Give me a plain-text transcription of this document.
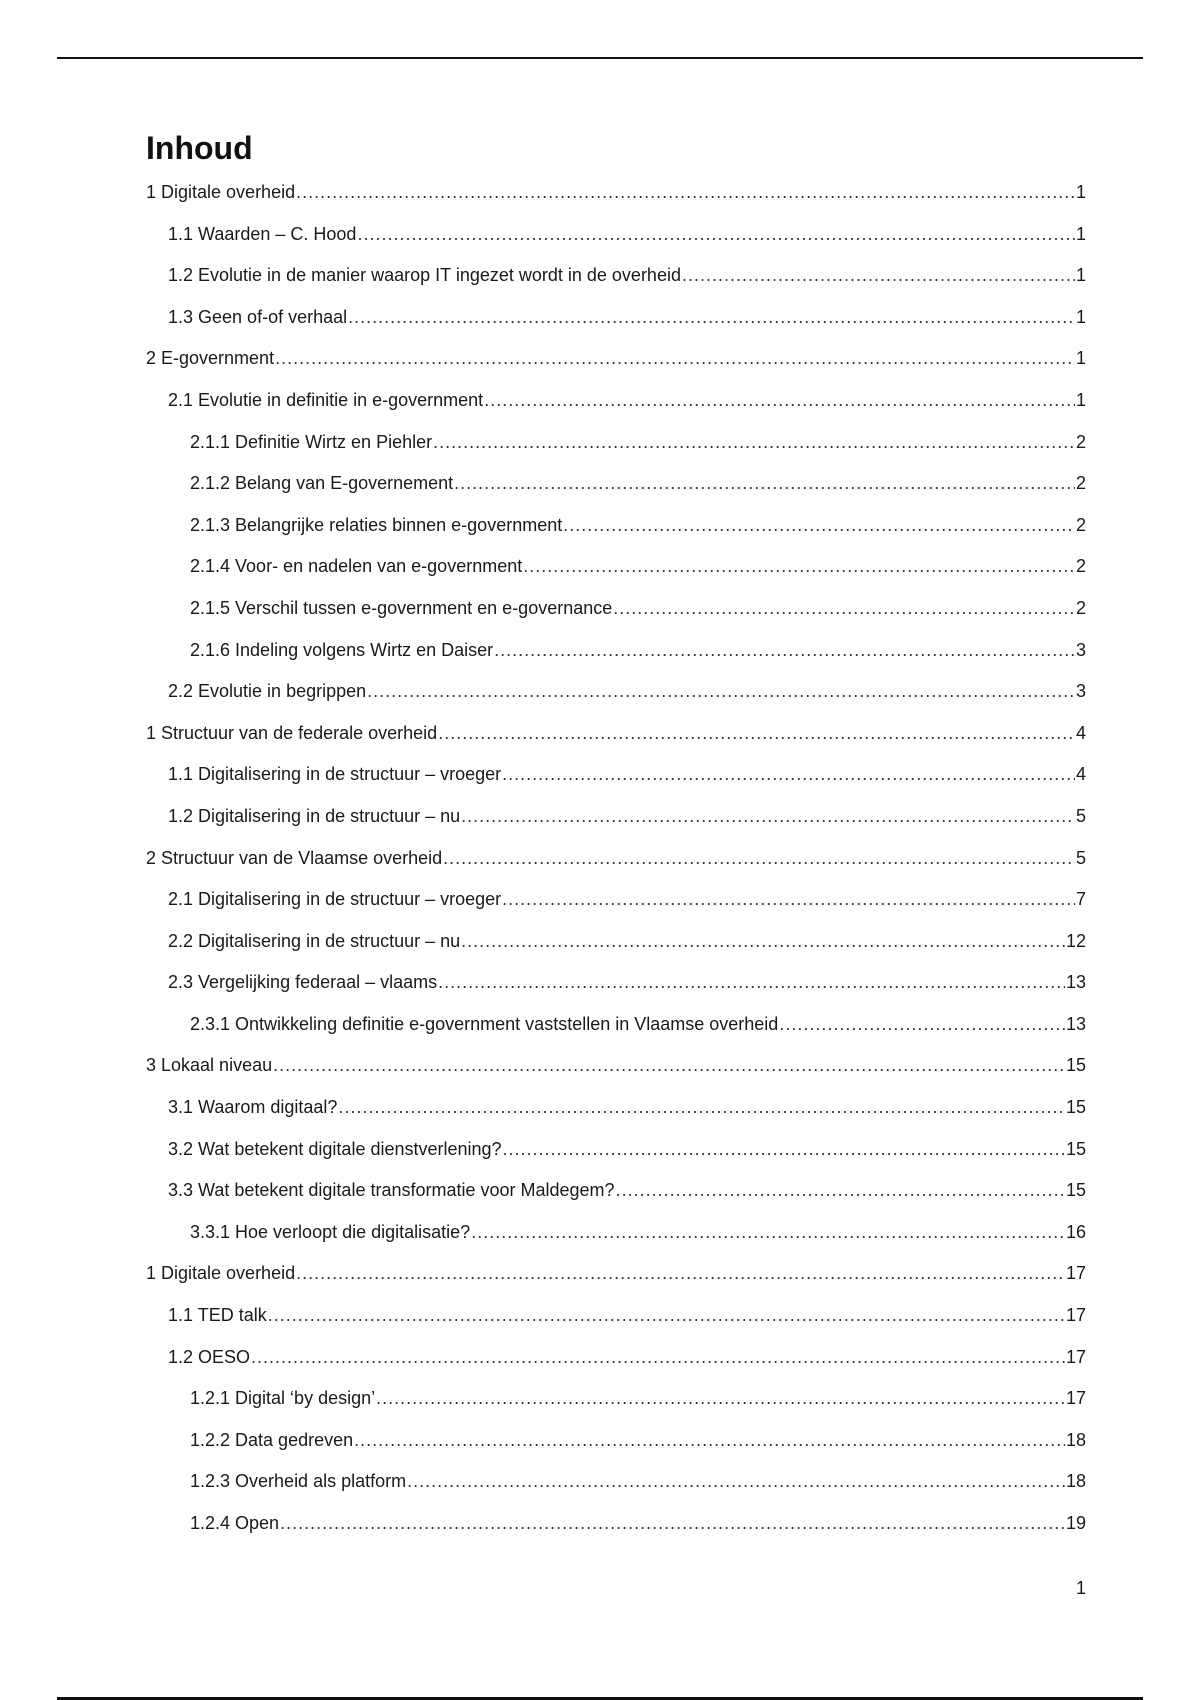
Inhoud
1 Digitale overheid .....	1
1.1 Waarden – C. Hood .....	1
1.2 Evolutie in de manier waarop IT ingezet wordt in de overheid .....	1
1.3 Geen of-of verhaal .....	1
2 E-government .....	1
2.1 Evolutie in definitie in e-government .....	1
2.1.1 Definitie Wirtz en Piehler .....	2
2.1.2 Belang van E-governement .....	2
2.1.3 Belangrijke relaties binnen e-government .....	2
2.1.4 Voor- en nadelen van e-government .....	2
2.1.5 Verschil tussen e-government en e-governance .....	2
2.1.6 Indeling volgens Wirtz en Daiser .....	3
2.2 Evolutie in begrippen .....	3
1 Structuur van de federale overheid .....	4
1.1 Digitalisering in de structuur – vroeger .....	4
1.2 Digitalisering in de structuur – nu .....	5
2 Structuur van de Vlaamse overheid .....	5
2.1 Digitalisering in de structuur – vroeger .....	7
2.2 Digitalisering in de structuur – nu .....	12
2.3 Vergelijking federaal – vlaams .....	13
2.3.1 Ontwikkeling definitie e-government vaststellen in Vlaamse overheid .....	13
3 Lokaal niveau .....	15
3.1 Waarom digitaal? .....	15
3.2 Wat betekent digitale dienstverlening? .....	15
3.3 Wat betekent digitale transformatie voor Maldegem? .....	15
3.3.1 Hoe verloopt die digitalisatie? .....	16
1 Digitale overheid .....	17
1.1 TED talk .....	17
1.2 OESO .....	17
1.2.1 Digital ‘by design’ .....	17
1.2.2 Data gedreven .....	18
1.2.3 Overheid als platform .....	18
1.2.4 Open .....	19
1
